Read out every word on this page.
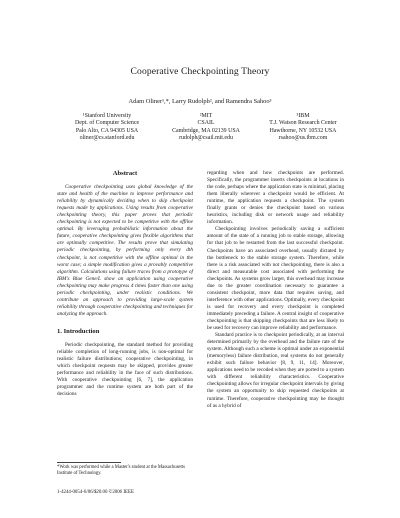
Cooperative Checkpointing Theory
Adam Oliner¹,*, Larry Rudolph², and Ramendra Sahoo³
¹Stanford University
Dept. of Computer Science
Palo Alto, CA 94305 USA
oliner@cs.stanford.edu
²MIT
CSAIL
Cambridge, MA 02139 USA
rudolph@csail.mit.edu
³IBM
T.J. Watson Research Center
Hawthorne, NY 10532 USA
rsahoo@us.ibm.com
Abstract

Cooperative checkpointing uses global knowledge of the state and health of the machine to improve performance and reliability by dynamically deciding when to skip checkpoint requests made by applications. Using results from cooperative checkpointing theory, this paper proves that periodic checkpointing is not expected to be competitive with the offline optimal. By leveraging probabilistic information about the future, cooperative checkpointing gives flexible algorithms that are optimally competitive. The results prove that simulating periodic checkpointing, by performing only every dth checkpoint, is not competitive with the offline optimal in the worst case; a simple modification gives a provably competitive algorithm. Calculations using failure traces from a prototype of IBM's Blue Gene/L show an application using cooperative checkpointing may make progress 4 times faster than one using periodic checkpointing, under realistic conditions. We contribute an approach to providing large-scale system reliability through cooperative checkpointing and techniques for analyzing the approach.

1. Introduction

Periodic checkpointing, the standard method for providing reliable completion of long-running jobs, is non-optimal for realistic failure distributions; cooperative checkpointing, in which checkpoint requests may be skipped, provides greater performance and reliability in the face of such distributions. With cooperative checkpointing [6, 7], the application programmer and the runtime system are both part of the decisions

*Work was performed while a Master's student at the Massachusetts Institute of Technology.

regarding when and how checkpoints are performed. Specifically, the programmer inserts checkpoints at locations in the code, perhaps where the application state is minimal, placing them liberally wherever a checkpoint would be efficient. At runtime, the application requests a checkpoint. The system finally grants or denies the checkpoint based on various heuristics, including disk or network usage and reliability information.

Checkpointing involves periodically saving a sufficient amount of the state of a running job to stable storage, allowing for that job to be restarted from the last successful checkpoint. Checkpoints have an associated overhead, usually dictated by the bottleneck to the stable storage system. Therefore, while there is a risk associated with not checkpointing, there is also a direct and measurable cost associated with performing the checkpoints. As systems grow larger, this overhead may increase due to the greater coordination necessary to guarantee a consistent checkpoint, more data that requires saving, and interference with other applications. Optimally, every checkpoint is used for recovery and every checkpoint is completed immediately preceding a failure. A central insight of cooperative checkpointing is that skipping checkpoints that are less likely to be used for recovery can improve reliability and performance.

Standard practice is to checkpoint periodically, at an interval determined primarily by the overhead and the failure rate of the system. Although such a scheme is optimal under an exponential (memoryless) failure distribution, real systems do not generally exhibit such failure behavior [8, 9, 11, 14]. Moreover, applications need to be recoded when they are ported to a system with different reliability characteristics. Cooperative checkpointing allows for irregular checkpoint intervals by giving the system an opportunity to skip requested checkpoints at runtime. Therefore, cooperative checkpointing may be thought of as a hybrid of

1-4244-0054-6/06/$20.00 ©2006 IEEE
